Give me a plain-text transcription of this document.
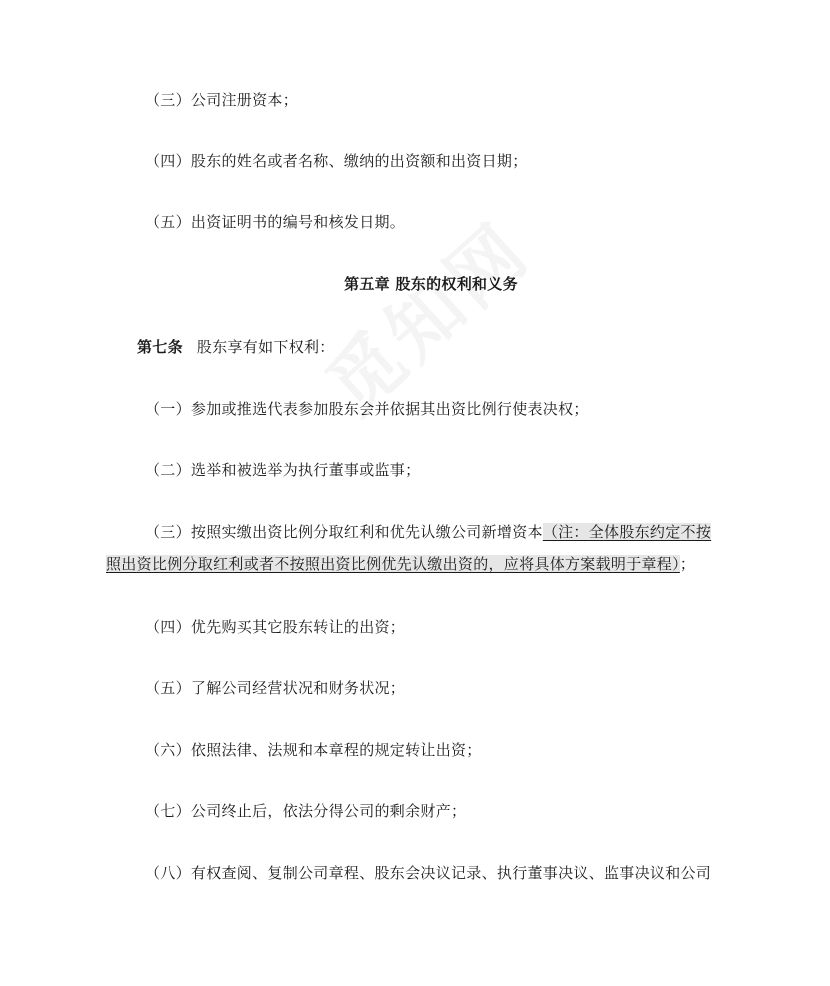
（三）公司注册资本；
（四）股东的姓名或者名称、缴纳的出资额和出资日期；
（五）出资证明书的编号和核发日期。
第五章 股东的权利和义务
第七条 股东享有如下权利：
（一）参加或推选代表参加股东会并依据其出资比例行使表决权；
（二）选举和被选举为执行董事或监事；
（三）按照实缴出资比例分取红利和优先认缴公司新增资本（注：全体股东约定不按
照出资比例分取红利或者不按照出资比例优先认缴出资的，应将具体方案载明于章程）；
（四）优先购买其它股东转让的出资；
（五）了解公司经营状况和财务状况；
（六）依照法律、法规和本章程的规定转让出资；
（七）公司终止后，依法分得公司的剩余财产；
（八）有权查阅、复制公司章程、股东会决议记录、执行董事决议、监事决议和公司
